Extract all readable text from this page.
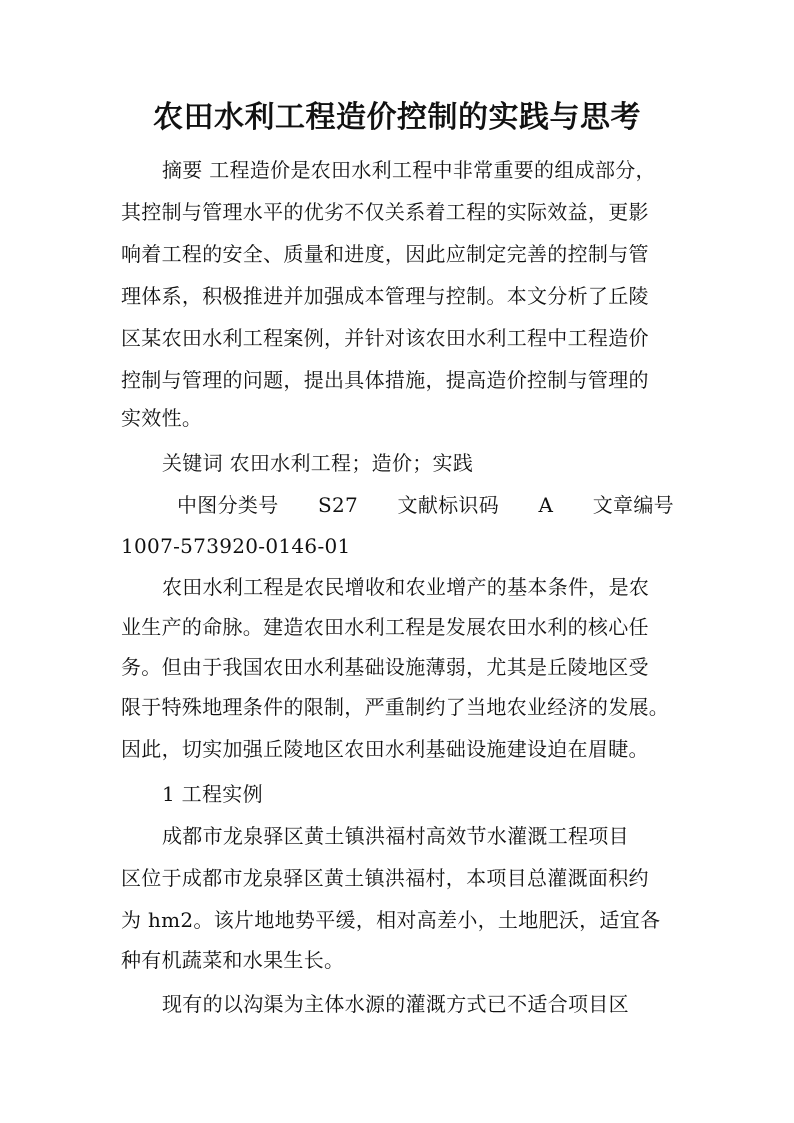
农田水利工程造价控制的实践与思考
摘要 工程造价是农田水利工程中非常重要的组成部分，
其控制与管理水平的优劣不仅关系着工程的实际效益，更影
响着工程的安全、质量和进度，因此应制定完善的控制与管
理体系，积极推进并加强成本管理与控制。本文分析了丘陵
区某农田水利工程案例，并针对该农田水利工程中工程造价
控制与管理的问题，提出具体措施，提高造价控制与管理的
实效性。
关键词 农田水利工程；造价；实践
中图分类号 S27 文献标识码 A 文章编号
1007-573920-0146-01
农田水利工程是农民增收和农业增产的基本条件，是农
业生产的命脉。建造农田水利工程是发展农田水利的核心任
务。但由于我国农田水利基础设施薄弱，尤其是丘陵地区受
限于特殊地理条件的限制，严重制约了当地农业经济的发展。
因此，切实加强丘陵地区农田水利基础设施建设迫在眉睫。
1 工程实例
成都市龙泉驿区黄土镇洪福村高效节水灌溉工程项目
区位于成都市龙泉驿区黄土镇洪福村，本项目总灌溉面积约
为 hm2。该片地地势平缓，相对高差小，土地肥沃，适宜各
种有机蔬菜和水果生长。
现有的以沟渠为主体水源的灌溉方式已不适合项目区
